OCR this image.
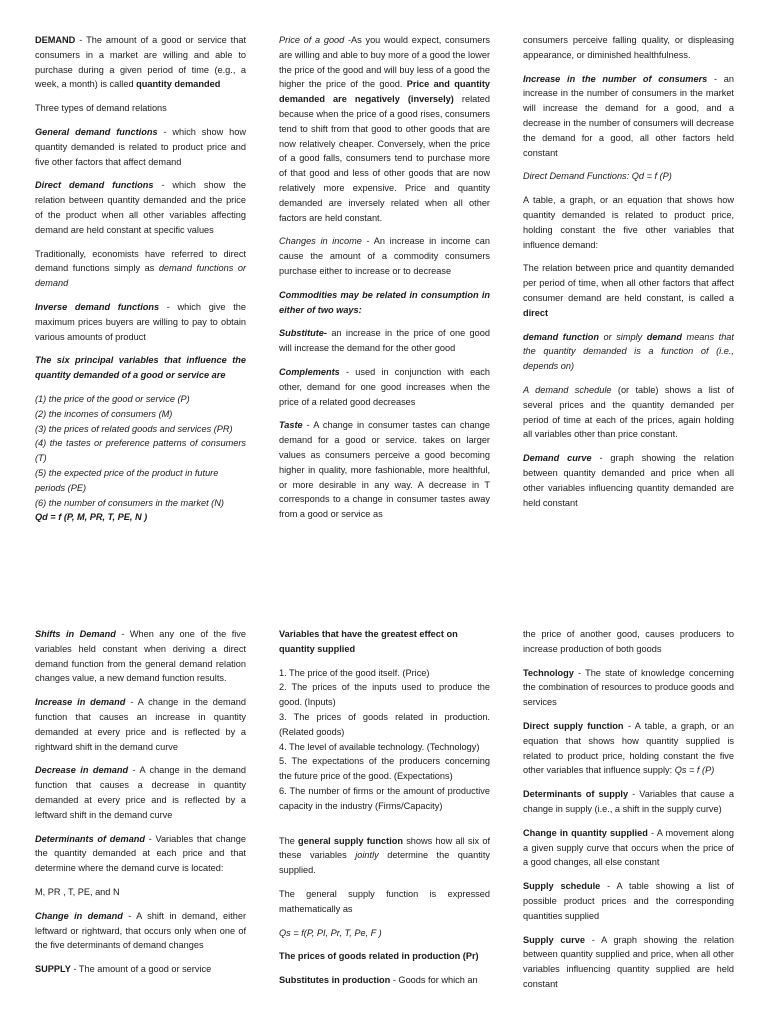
DEMAND - The amount of a good or service that consumers in a market are willing and able to purchase during a given period of time (e.g., a week, a month) is called quantity demanded

Three types of demand relations

General demand functions - which show how quantity demanded is related to product price and five other factors that affect demand

Direct demand functions - which show the relation between quantity demanded and the price of the product when all other variables affecting demand are held constant at specific values

Traditionally, economists have referred to direct demand functions simply as demand functions or demand

Inverse demand functions - which give the maximum prices buyers are willing to pay to obtain various amounts of product

The six principal variables that influence the quantity demanded of a good or service are

(1) the price of the good or service (P)
(2) the incomes of consumers (M)
(3) the prices of related goods and services (PR)
(4) the tastes or preference patterns of consumers (T)
(5) the expected price of the product in future periods (PE)
(6) the number of consumers in the market (N)
Qd = f (P, M, PR, T, PE, N )

Price of a good -As you would expect, consumers are willing and able to buy more of a good the lower the price of the good and will buy less of a good the higher the price of the good. Price and quantity demanded are negatively (inversely) related because when the price of a good rises, consumers tend to shift from that good to other goods that are now relatively cheaper. Conversely, when the price of a good falls, consumers tend to purchase more of that good and less of other goods that are now relatively more expensive. Price and quantity demanded are inversely related when all other factors are held constant.

Changes in income - An increase in income can cause the amount of a commodity consumers purchase either to increase or to decrease

Commodities may be related in consumption in either of two ways:

Substitute- an increase in the price of one good will increase the demand for the other good

Complements - used in conjunction with each other, demand for one good increases when the price of a related good decreases

Taste - A change in consumer tastes can change demand for a good or service. takes on larger values as consumers perceive a good becoming higher in quality, more fashionable, more healthful, or more desirable in any way. A decrease in T corresponds to a change in consumer tastes away from a good or service as

consumers perceive falling quality, or displeasing appearance, or diminished healthfulness.

Increase in the number of consumers - an increase in the number of consumers in the market will increase the demand for a good, and a decrease in the number of consumers will decrease the demand for a good, all other factors held constant

Direct Demand Functions: Qd = f (P)

A table, a graph, or an equation that shows how quantity demanded is related to product price, holding constant the five other variables that influence demand:

The relation between price and quantity demanded per period of time, when all other factors that affect consumer demand are held constant, is called a direct

demand function or simply demand means that the quantity demanded is a function of (i.e., depends on)

A demand schedule (or table) shows a list of several prices and the quantity demanded per period of time at each of the prices, again holding all variables other than price constant.

Demand curve - graph showing the relation between quantity demanded and price when all other variables influencing quantity demanded are held constant

Shifts in Demand - When any one of the five variables held constant when deriving a direct demand function from the general demand relation changes value, a new demand function results.

Increase in demand - A change in the demand function that causes an increase in quantity demanded at every price and is reflected by a rightward shift in the demand curve

Decrease in demand - A change in the demand function that causes a decrease in quantity demanded at every price and is reflected by a leftward shift in the demand curve

Determinants of demand - Variables that change the quantity demanded at each price and that determine where the demand curve is located:

M, PR , T, PE, and N

Change in demand - A shift in demand, either leftward or rightward, that occurs only when one of the five determinants of demand changes

SUPPLY - The amount of a good or service

Variables that have the greatest effect on quantity supplied

1. The price of the good itself. (Price)
2. The prices of the inputs used to produce the good. (Inputs)
3. The prices of goods related in production. (Related goods)
4. The level of available technology. (Technology)
5. The expectations of the producers concerning the future price of the good. (Expectations)
6. The number of firms or the amount of productive capacity in the industry (Firms/Capacity)

The general supply function shows how all six of these variables jointly determine the quantity supplied.

The general supply function is expressed mathematically as

Qs = f(P, PI, Pr, T, Pe, F )

The prices of goods related in production (Pr)

Substitutes in production - Goods for which an

the price of another good, causes producers to increase production of both goods

Technology - The state of knowledge concerning the combination of resources to produce goods and services

Direct supply function - A table, a graph, or an equation that shows how quantity supplied is related to product price, holding constant the five other variables that influence supply: Qs = f (P)

Determinants of supply - Variables that cause a change in supply (i.e., a shift in the supply curve)

Change in quantity supplied - A movement along a given supply curve that occurs when the price of a good changes, all else constant

Supply schedule - A table showing a list of possible product prices and the corresponding quantities supplied

Supply curve - A graph showing the relation between quantity supplied and price, when all other variables influencing quantity supplied are held constant
